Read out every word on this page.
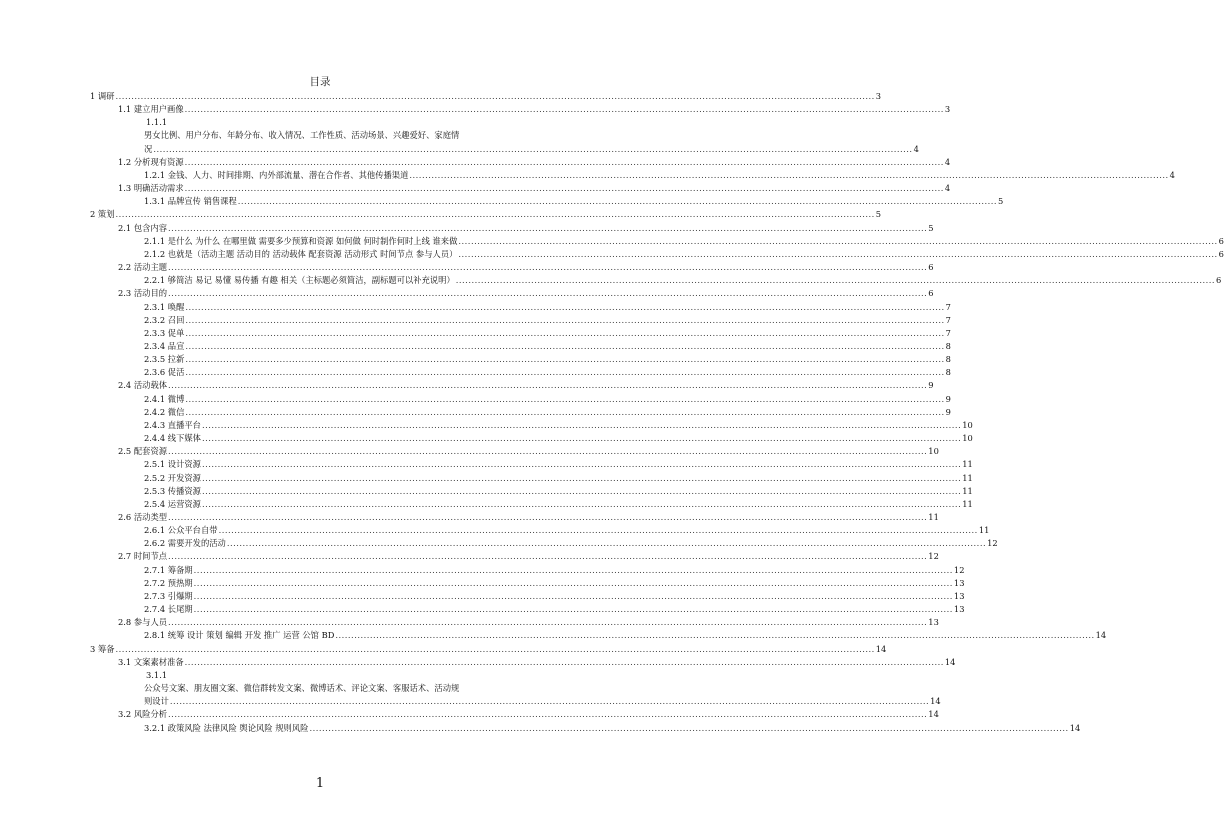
目录
1 调研 .....	3
1.1 建立用户画像 .....	3
1.1.1
男女比例、用户分布、年龄分布、收入情况、工作性质、活动场景、兴趣爱好、家庭情
况 .....	4
1.2 分析现有资源 .....	4
1.2.1 金钱、人力、时间排期、内外部流量、潜在合作者、其他传播渠道 .....	4
1.3 明确活动需求 .....	4
1.3.1 品牌宣传 销售课程 .....	5
2 策划 .....	5
2.1 包含内容 .....	5
2.1.1 是什么 为什么 在哪里做 需要多少预算和资源 如何做 何时制作何时上线 谁来做 .....	6
2.1.2 也就是（活动主题 活动目的 活动载体 配套资源 活动形式 时间节点 参与人员） .....	6
2.2 活动主题 .....	6
2.2.1 够简洁 易记 易懂 易传播 有趣 相关（主标题必须简洁，副标题可以补充说明） .....	6
2.3 活动目的 .....	6
2.3.1 唤醒 .....	7
2.3.2 召回 .....	7
2.3.3 促单 .....	7
2.3.4 品宣 .....	8
2.3.5 拉新 .....	8
2.3.6 促活 .....	8
2.4 活动载体 .....	9
2.4.1 微博 .....	9
2.4.2 微信 .....	9
2.4.3 直播平台 .....	10
2.4.4 线下媒体 .....	10
2.5 配套资源 .....	10
2.5.1 设计资源 .....	11
2.5.2 开发资源 .....	11
2.5.3 传播资源 .....	11
2.5.4 运营资源 .....	11
2.6 活动类型 .....	11
2.6.1 公众平台自带 .....	11
2.6.2 需要开发的活动 .....	12
2.7 时间节点 .....	12
2.7.1 筹备期 .....	12
2.7.2 预热期 .....	13
2.7.3 引爆期 .....	13
2.7.4 长尾期 .....	13
2.8 参与人员 .....	13
2.8.1 统筹 设计 策划 编辑 开发 推广 运营 公馆 BD .....	14
3 筹备 .....	14
3.1 文案素材准备 .....	14
3.1.1
公众号文案、朋友圈文案、微信群转发文案、微博话术、评论文案、客服话术、活动规
则设计 .....	14
3.2 风险分析 .....	14
3.2.1 政策风险 法律风险 舆论风险 规则风险 .....	14
1
